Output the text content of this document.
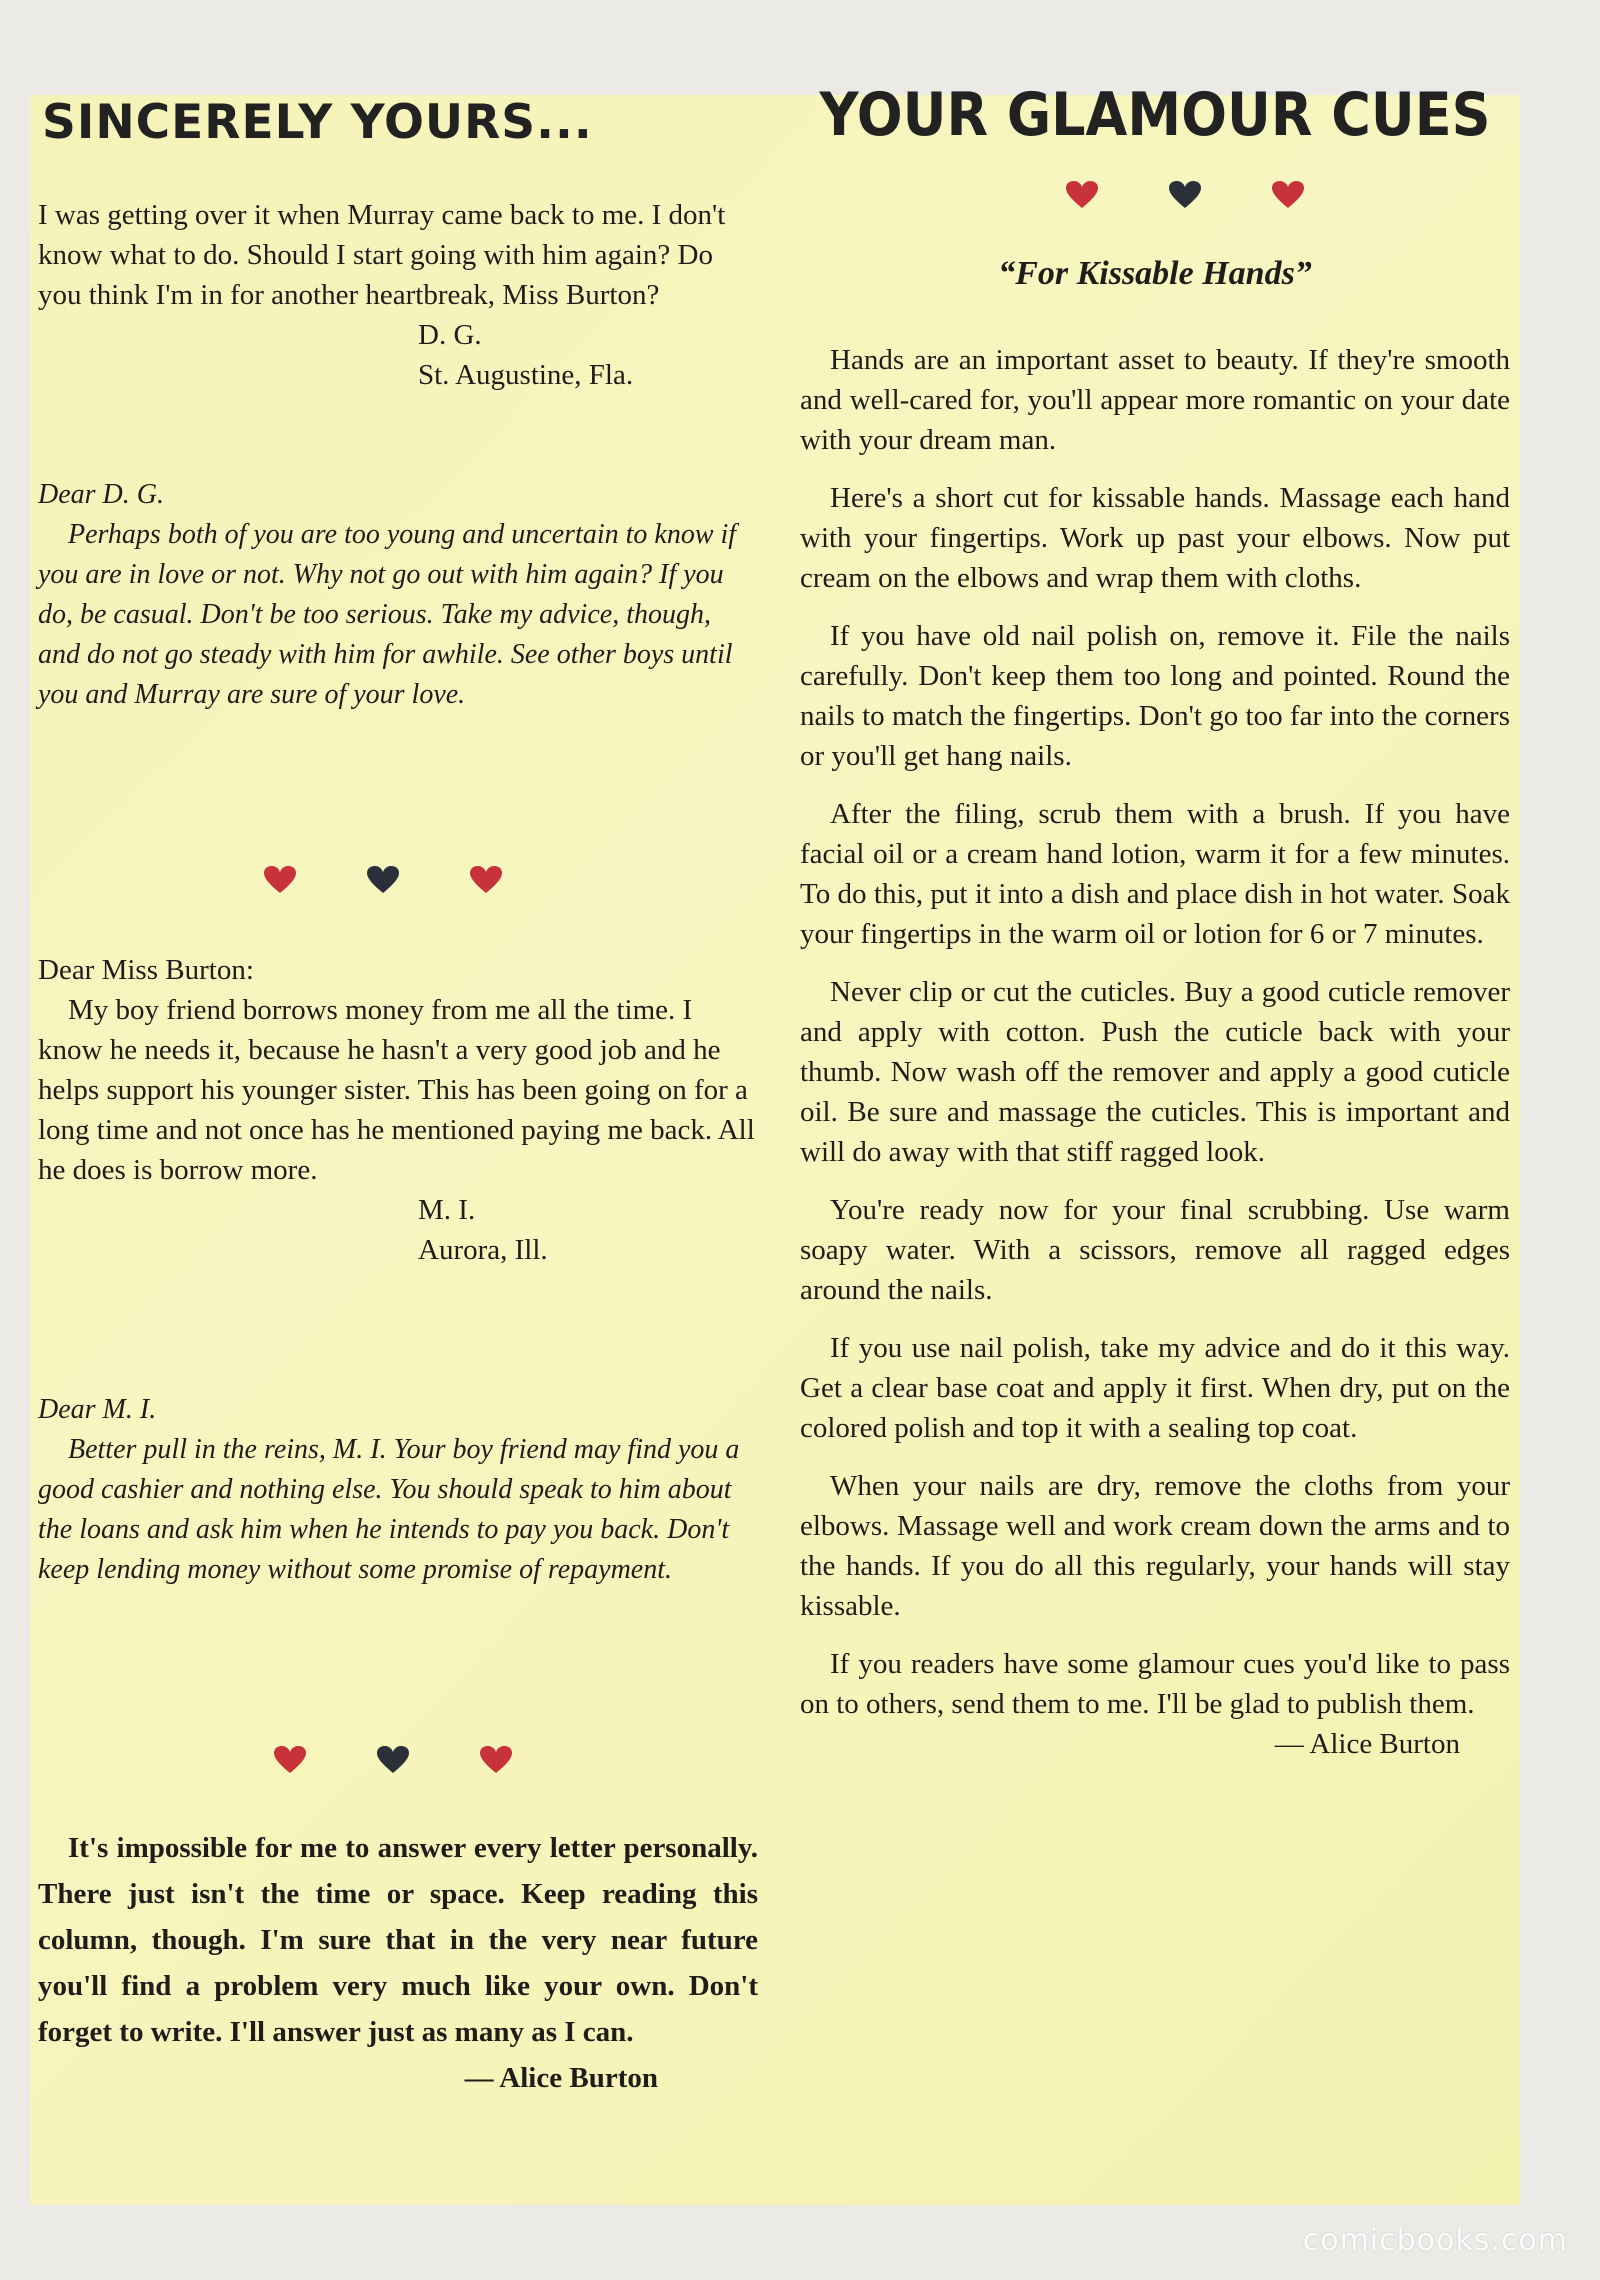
SINCERELY YOURS...

I was getting over it when Murray came back to me. I don't know what to do. Should I start going with him again? Do you think I'm in for another heartbreak, Miss Burton?

D. G.

St. Augustine, Fla.

Dear D. G.

Perhaps both of you are too young and uncertain to know if you are in love or not. Why not go out with him again? If you do, be casual. Don't be too serious. Take my advice, though, and do not go steady with him for awhile. See other boys until you and Murray are sure of your love.

Dear Miss Burton:

My boy friend borrows money from me all the time. I know he needs it, because he hasn't a very good job and he helps support his younger sister. This has been going on for a long time and not once has he mentioned paying me back. All he does is borrow more.

M. I.

Aurora, Ill.

Dear M. I.

Better pull in the reins, M. I. Your boy friend may find you a good cashier and nothing else. You should speak to him about the loans and ask him when he intends to pay you back. Don't keep lending money without some promise of repayment.

It's impossible for me to answer every letter personally. There just isn't the time or space. Keep reading this column, though. I'm sure that in the very near future you'll find a problem very much like your own. Don't forget to write. I'll answer just as many as I can.

— Alice Burton

YOUR GLAMOUR CUES

“For Kissable Hands”

Hands are an important asset to beauty. If they're smooth and well-cared for, you'll appear more romantic on your date with your dream man.

Here's a short cut for kissable hands. Massage each hand with your fingertips. Work up past your elbows. Now put cream on the elbows and wrap them with cloths.

If you have old nail polish on, remove it. File the nails carefully. Don't keep them too long and pointed. Round the nails to match the fingertips. Don't go too far into the corners or you'll get hang nails.

After the filing, scrub them with a brush. If you have facial oil or a cream hand lotion, warm it for a few minutes. To do this, put it into a dish and place dish in hot water. Soak your fingertips in the warm oil or lotion for 6 or 7 minutes.

Never clip or cut the cuticles. Buy a good cuticle remover and apply with cotton. Push the cuticle back with your thumb. Now wash off the remover and apply a good cuticle oil. Be sure and massage the cuticles. This is important and will do away with that stiff ragged look.

You're ready now for your final scrubbing. Use warm soapy water. With a scissors, remove all ragged edges around the nails.

If you use nail polish, take my advice and do it this way. Get a clear base coat and apply it first. When dry, put on the colored polish and top it with a sealing top coat.

When your nails are dry, remove the cloths from your elbows. Massage well and work cream down the arms and to the hands. If you do all this regularly, your hands will stay kissable.

If you readers have some glamour cues you'd like to pass on to others, send them to me. I'll be glad to publish them.

— Alice Burton

comicbooks.com
